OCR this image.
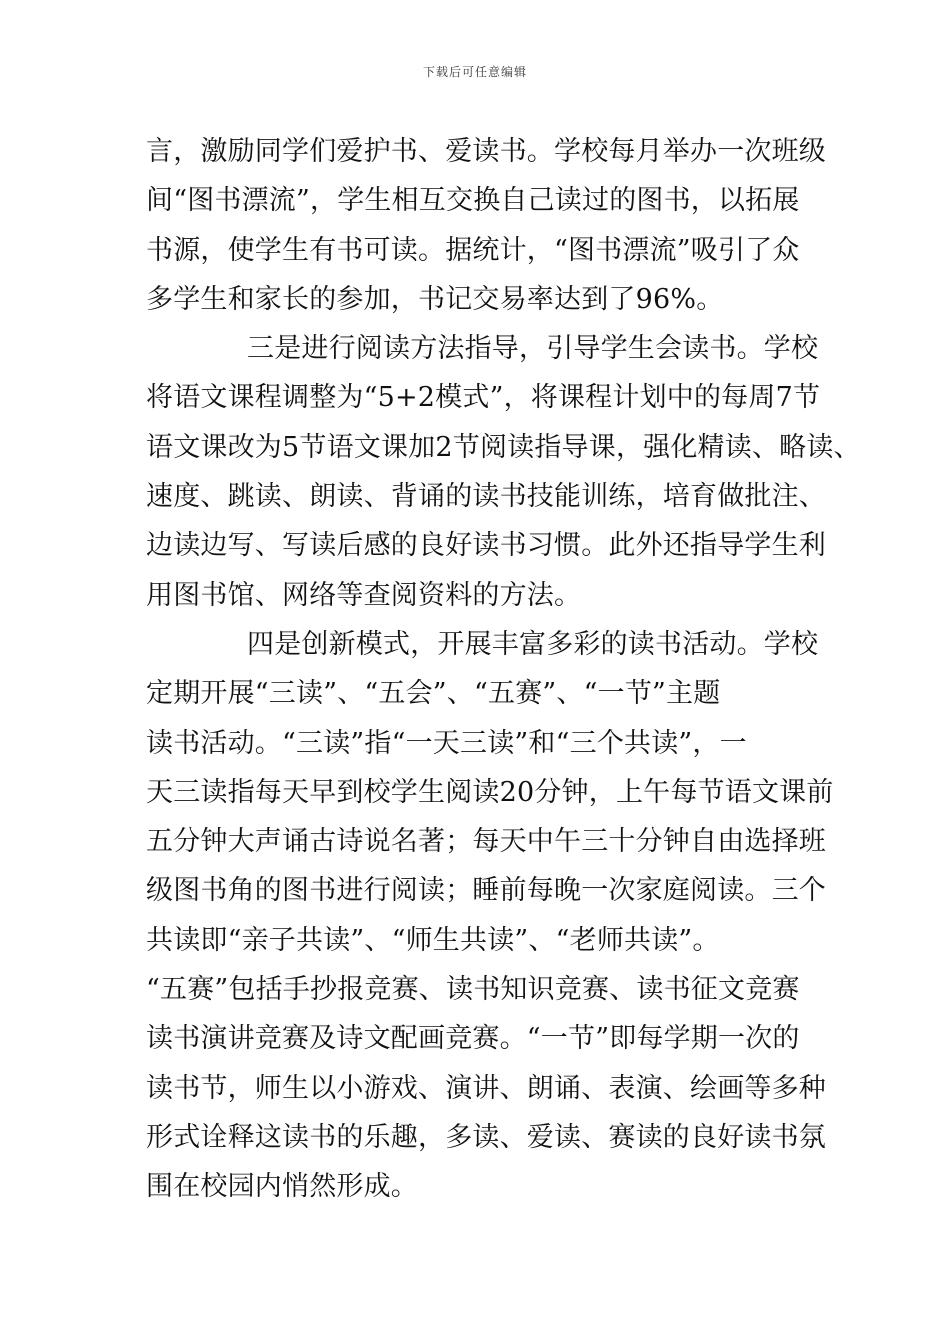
下载后可任意编辑
言，激励同学们爱护书、爱读书。学校每月举办一次班级
间“图书漂流”，学生相互交换自己读过的图书，以拓展
书源，使学生有书可读。据统计，“图书漂流”吸引了众
多学生和家长的参加，书记交易率达到了96%。
三是进行阅读方法指导，引导学生会读书。学校
将语文课程调整为“5+2模式”，将课程计划中的每周7节
语文课改为5节语文课加2节阅读指导课，强化精读、略读、
速度、跳读、朗读、背诵的读书技能训练，培育做批注、
边读边写、写读后感的良好读书习惯。此外还指导学生利
用图书馆、网络等查阅资料的方法。
四是创新模式，开展丰富多彩的读书活动。学校
定期开展“三读”、“五会”、“五赛”、“一节”主题
读书活动。“三读”指“一天三读”和“三个共读”，一
天三读指每天早到校学生阅读20分钟，上午每节语文课前
五分钟大声诵古诗说名著；每天中午三十分钟自由选择班
级图书角的图书进行阅读；睡前每晚一次家庭阅读。三个
共读即“亲子共读”、“师生共读”、“老师共读”。
“五赛”包括手抄报竞赛、读书知识竞赛、读书征文竞赛
读书演讲竞赛及诗文配画竞赛。“一节”即每学期一次的
读书节，师生以小游戏、演讲、朗诵、表演、绘画等多种
形式诠释这读书的乐趣，多读、爱读、赛读的良好读书氛
围在校园内悄然形成。
